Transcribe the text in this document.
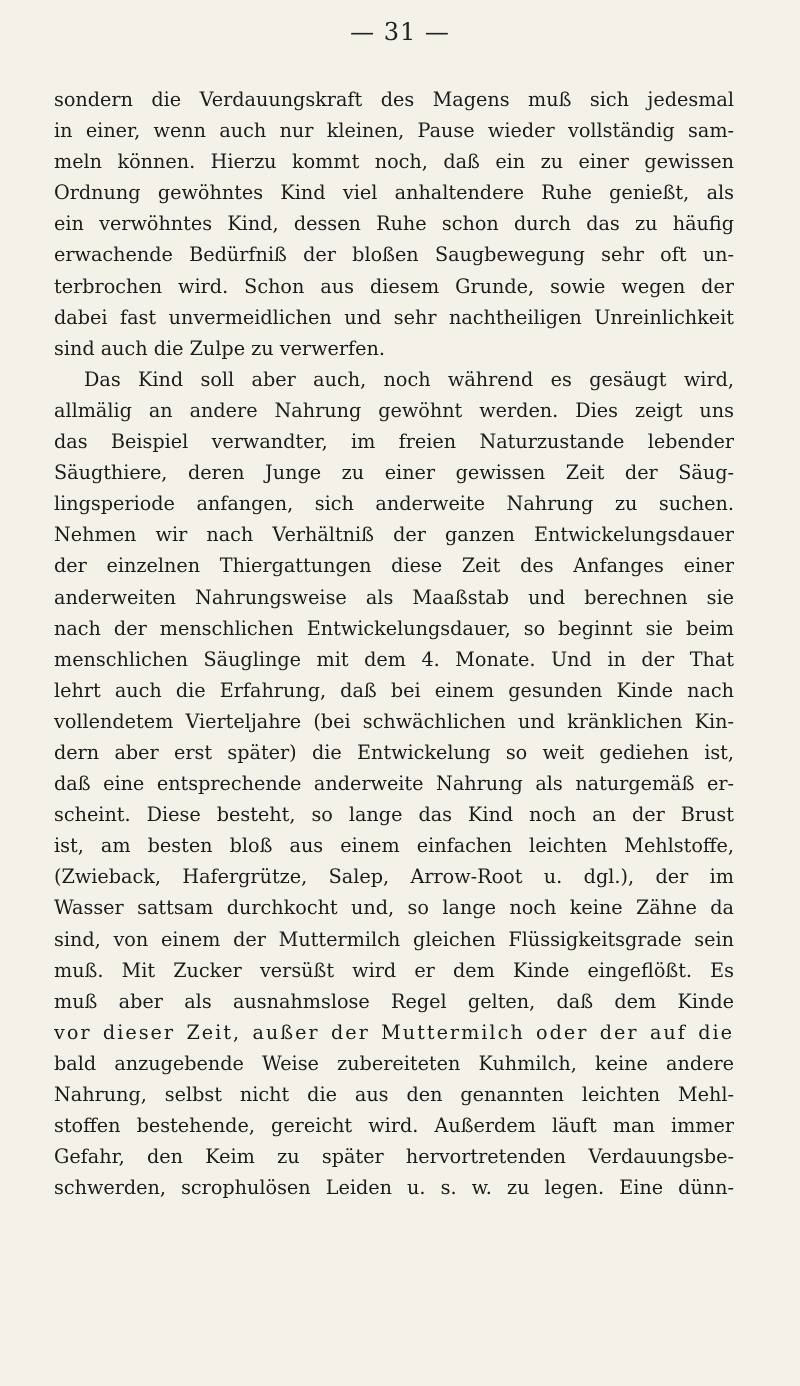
— 31 —
sondern die Verdauungskraft des Magens muß sich jedesmal
in einer, wenn auch nur kleinen, Pause wieder vollständig sam‑
meln können. Hierzu kommt noch, daß ein zu einer gewissen
Ordnung gewöhntes Kind viel anhaltendere Ruhe genießt, als
ein verwöhntes Kind, dessen Ruhe schon durch das zu häufig
erwachende Bedürfniß der bloßen Saugbewegung sehr oft un‑
terbrochen wird. Schon aus diesem Grunde, sowie wegen der
dabei fast unvermeidlichen und sehr nachtheiligen Unreinlichkeit
sind auch die Zulpe zu verwerfen.
Das Kind soll aber auch, noch während es gesäugt wird,
allmälig an andere Nahrung gewöhnt werden. Dies zeigt uns
das Beispiel verwandter, im freien Naturzustande lebender
Säugthiere, deren Junge zu einer gewissen Zeit der Säug‑
lingsperiode anfangen, sich anderweite Nahrung zu suchen.
Nehmen wir nach Verhältniß der ganzen Entwickelungsdauer
der einzelnen Thiergattungen diese Zeit des Anfanges einer
anderweiten Nahrungsweise als Maaßstab und berechnen sie
nach der menschlichen Entwickelungsdauer, so beginnt sie beim
menschlichen Säuglinge mit dem 4. Monate. Und in der That
lehrt auch die Erfahrung, daß bei einem gesunden Kinde nach
vollendetem Vierteljahre (bei schwächlichen und kränklichen Kin‑
dern aber erst später) die Entwickelung so weit gediehen ist,
daß eine entsprechende anderweite Nahrung als naturgemäß er‑
scheint. Diese besteht, so lange das Kind noch an der Brust
ist, am besten bloß aus einem einfachen leichten Mehlstoffe,
(Zwieback, Hafergrütze, Salep, Arrow‑Root u. dgl.), der im
Wasser sattsam durchkocht und, so lange noch keine Zähne da
sind, von einem der Muttermilch gleichen Flüssigkeitsgrade sein
muß. Mit Zucker versüßt wird er dem Kinde eingeflößt. Es
muß aber als ausnahmslose Regel gelten, daß dem Kinde
vor dieser Zeit, außer der Muttermilch oder der auf die
bald anzugebende Weise zubereiteten Kuhmilch, keine andere
Nahrung, selbst nicht die aus den genannten leichten Mehl‑
stoffen bestehende, gereicht wird. Außerdem läuft man immer
Gefahr, den Keim zu später hervortretenden Verdauungsbe‑
schwerden, scrophulösen Leiden u. s. w. zu legen. Eine dünn‑
